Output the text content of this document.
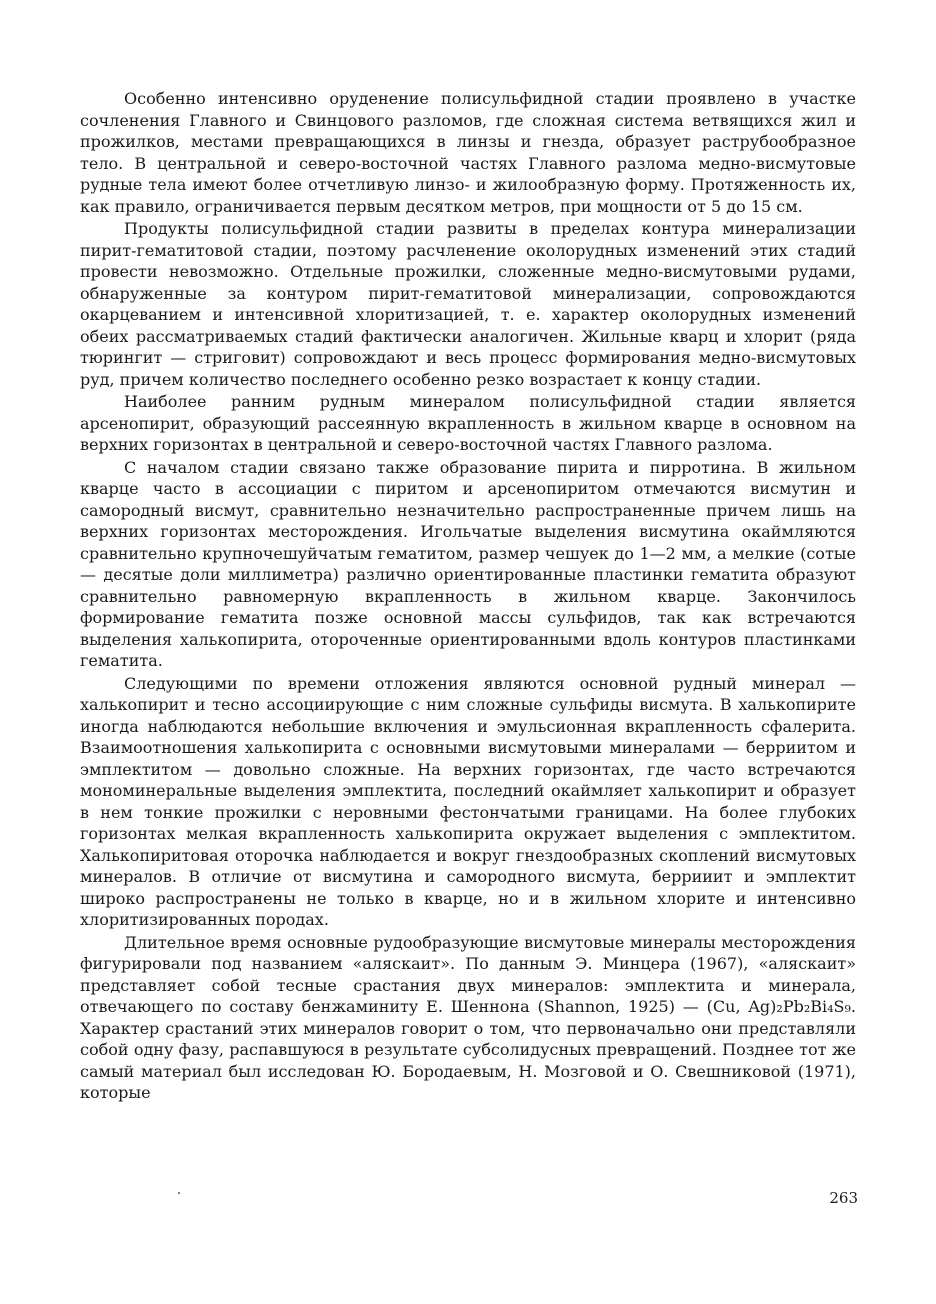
Особенно интенсивно оруденение полисульфидной стадии проявлено в участке сочленения Главного и Свинцового разломов, где сложная система ветвящихся жил и прожилков, местами превращающихся в линзы и гнезда, образует раструбообразное тело. В центральной и северо-восточной частях Главного разлома медно-висмутовые рудные тела имеют более отчетливую линзо- и жилообразную форму. Протяженность их, как правило, ограничивается первым десятком метров, при мощности от 5 до 15 см.

Продукты полисульфидной стадии развиты в пределах контура минерализации пирит-гематитовой стадии, поэтому расчленение околорудных изменений этих стадий провести невозможно. Отдельные прожилки, сложенные медно-висмутовыми рудами, обнаруженные за контуром пирит-гематитовой минерализации, сопровождаются окарцеванием и интенсивной хлоритизацией, т. е. характер околорудных изменений обеих рассматриваемых стадий фактически аналогичен. Жильные кварц и хлорит (ряда тюрингит — стриговит) сопровождают и весь процесс формирования медно-висмутовых руд, причем количество последнего особенно резко возрастает к концу стадии.

Наиболее ранним рудным минералом полисульфидной стадии является арсенопирит, образующий рассеянную вкрапленность в жильном кварце в основном на верхних горизонтах в центральной и северо-восточной частях Главного разлома.

С началом стадии связано также образование пирита и пирротина. В жильном кварце часто в ассоциации с пиритом и арсенопиритом отмечаются висмутин и самородный висмут, сравнительно незначительно распространенные причем лишь на верхних горизонтах месторождения. Игольчатые выделения висмутина окаймляются сравнительно крупночешуйчатым гематитом, размер чешуек до 1—2 мм, а мелкие (сотые — десятые доли миллиметра) различно ориентированные пластинки гематита образуют сравнительно равномерную вкрапленность в жильном кварце. Закончилось формирование гематита позже основной массы сульфидов, так как встречаются выделения халькопирита, отороченные ориентированными вдоль контуров пластинками гематита.

Следующими по времени отложения являются основной рудный минерал — халькопирит и тесно ассоциирующие с ним сложные сульфиды висмута. В халькопирите иногда наблюдаются небольшие включения и эмульсионная вкрапленность сфалерита. Взаимоотношения халькопирита с основными висмутовыми минералами — берриитом и эмплектитом — довольно сложные. На верхних горизонтах, где часто встречаются мономинеральные выделения эмплектита, последний окаймляет халькопирит и образует в нем тонкие прожилки с неровными фестончатыми границами. На более глубоких горизонтах мелкая вкрапленность халькопирита окружает выделения с эмплектитом. Халькопиритовая оторочка наблюдается и вокруг гнездообразных скоплений висмутовых минералов. В отличие от висмутина и самородного висмута, беррииит и эмплектит широко распространены не только в кварце, но и в жильном хлорите и интенсивно хлоритизированных породах.

Длительное время основные рудообразующие висмутовые минералы месторождения фигурировали под названием «аляскаит». По данным Э. Минцера (1967), «аляскаит» представляет собой тесные срастания двух минералов: эмплектита и минерала, отвечающего по составу бенжаминиту Е. Шеннона (Shannon, 1925) — (Cu, Ag)₂Pb₂Bi₄S₉. Характер срастаний этих минералов говорит о том, что первоначально они представляли собой одну фазу, распавшуюся в результате субсолидусных превращений. Позднее тот же самый материал был исследован Ю. Бородаевым, Н. Мозговой и О. Свешниковой (1971), которые

263
